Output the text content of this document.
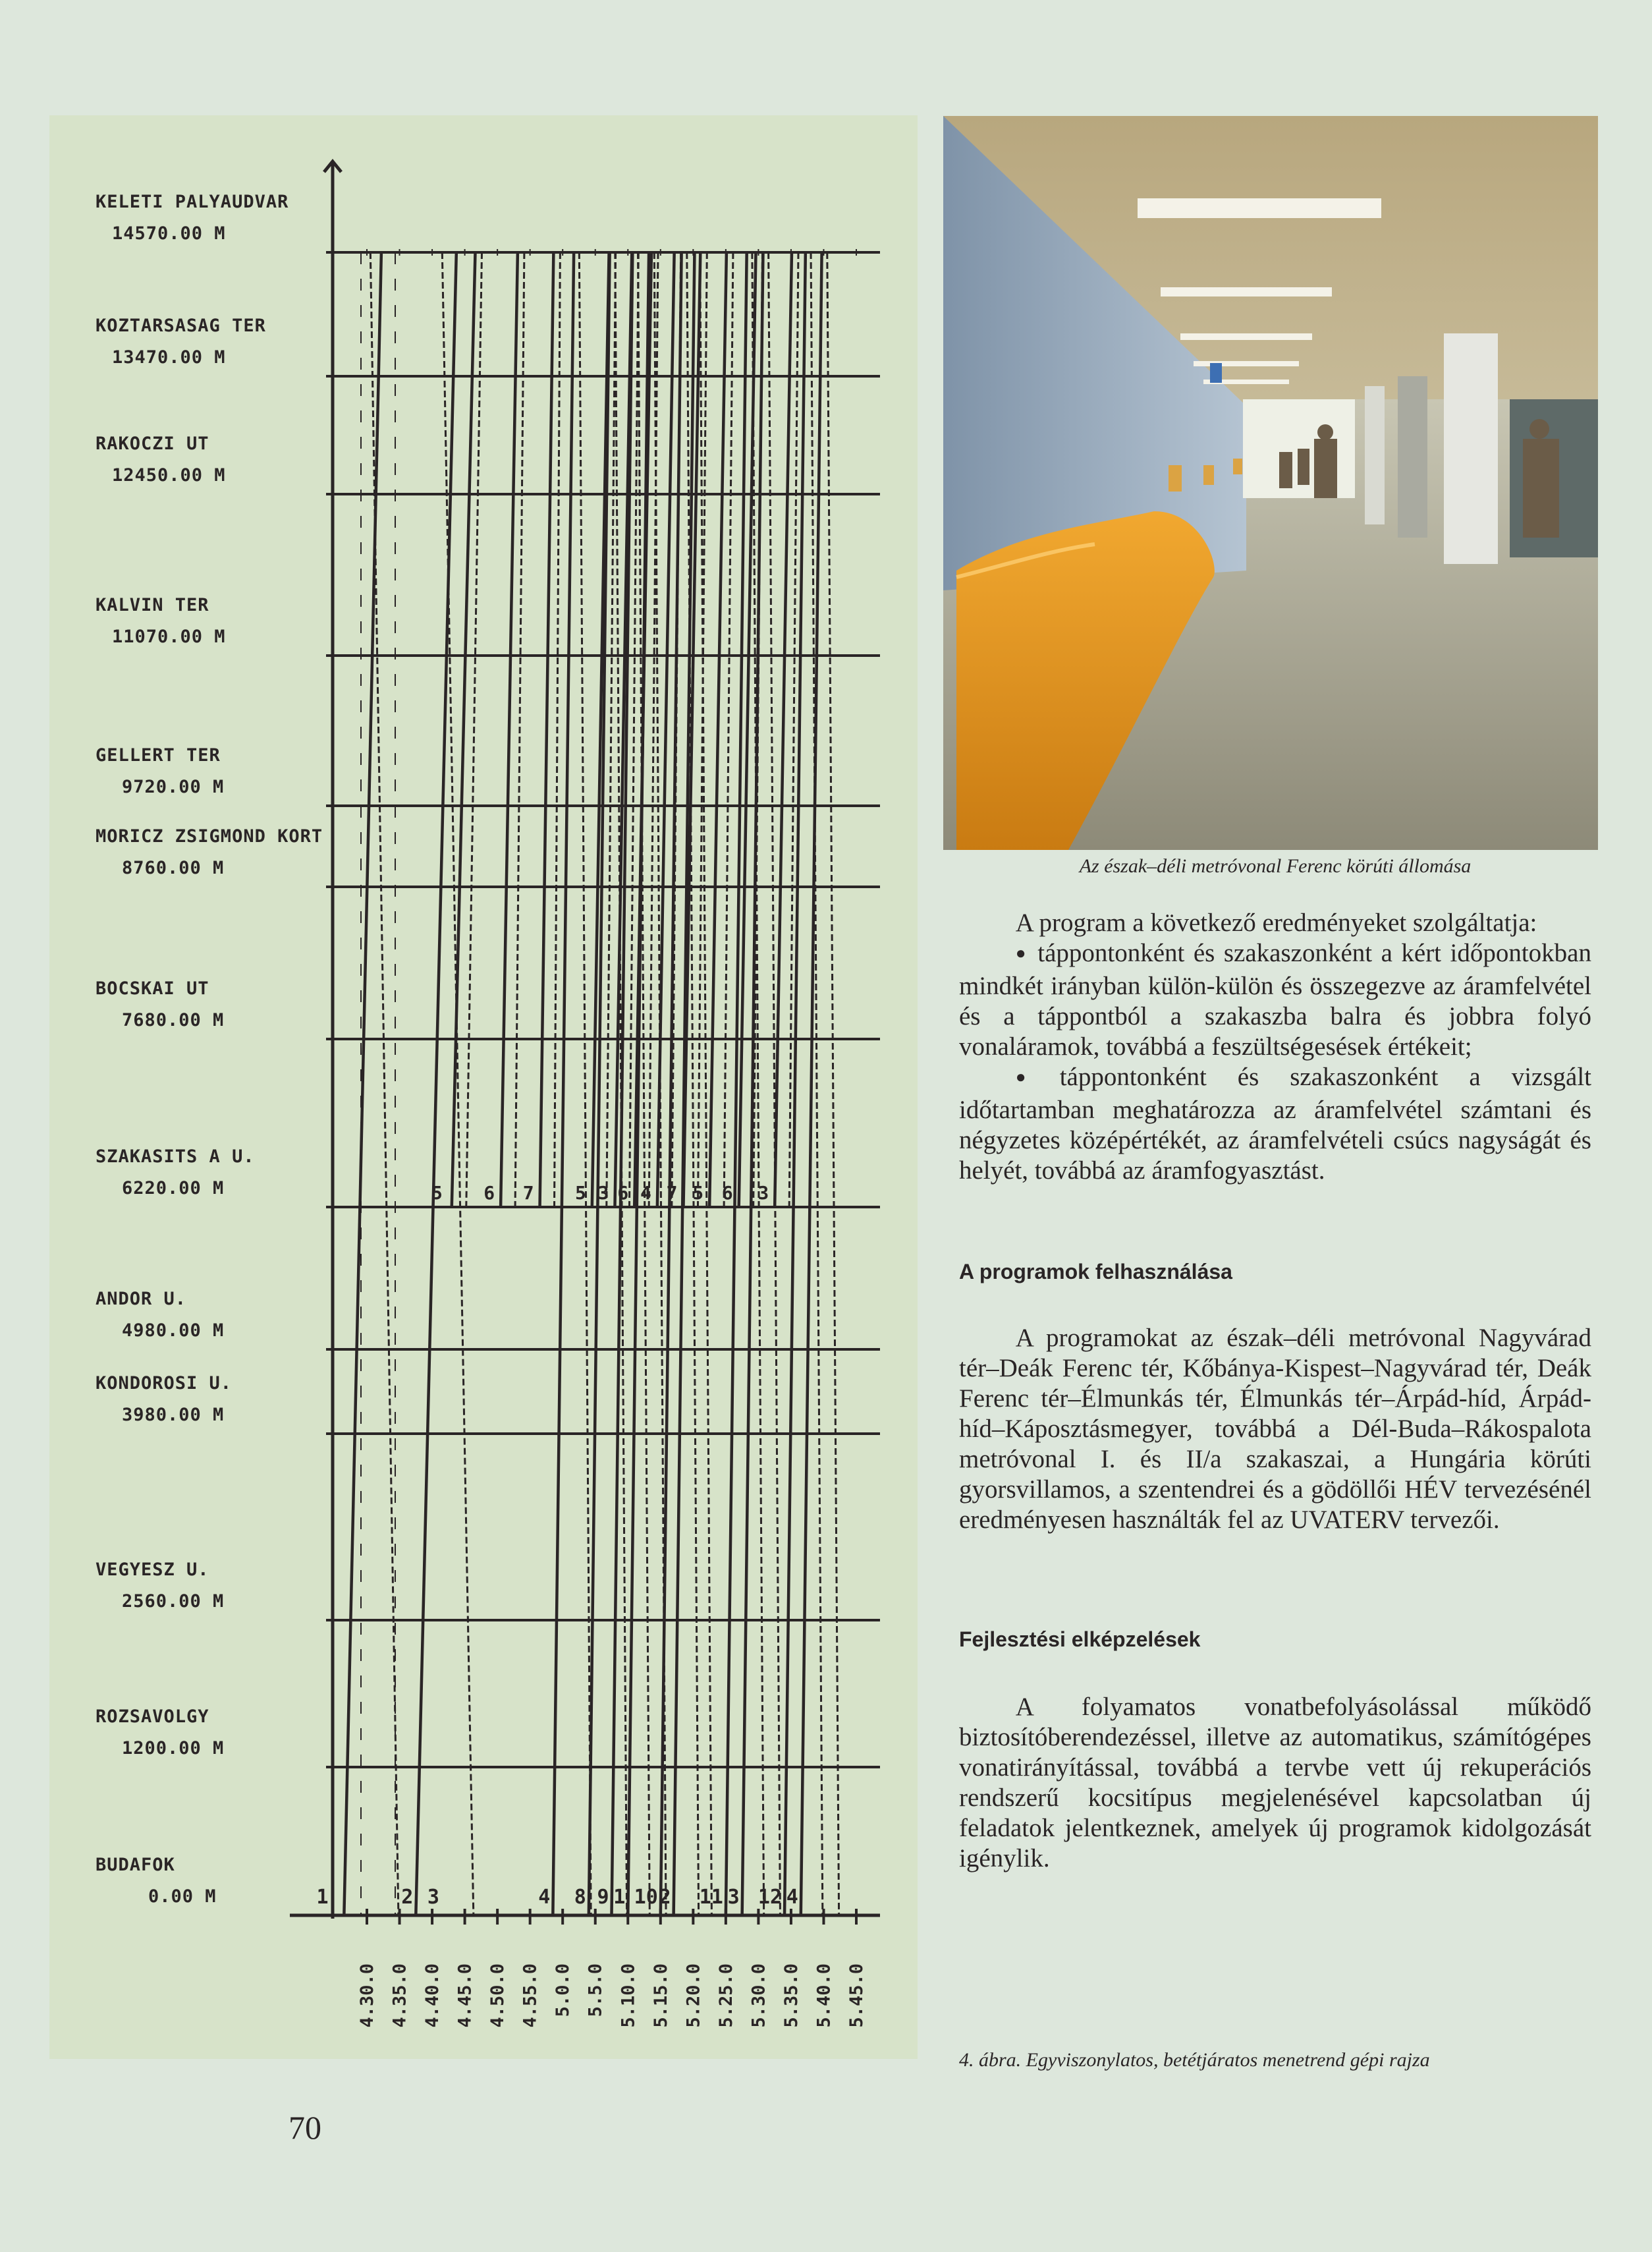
KELETI PALYAUDVAR
14570.00 M
KOZTARSASAG TER
13470.00 M
RAKOCZI UT
12450.00 M
KALVIN TER
11070.00 M
GELLERT TER
9720.00 M
MORICZ ZSIGMOND KORT
8760.00 M
BOCSKAI UT
7680.00 M
SZAKASITS A U.
6220.00 M
ANDOR U.
4980.00 M
KONDOROSI U.
3980.00 M
VEGYESZ U.
2560.00 M
ROZSAVOLGY
1200.00 M
BUDAFOK
0.00 M
4.30.0 4.35.0 4.40.0 4.45.0 4.50.0 4.55.0 5.0.0 5.5.0 5.10.0 5.15.0 5.20.0 5.25.0 5.30.0 5.35.0 5.40.0 5.45.0
1	2 3	4 8 9 1 10 2 11 3 12 4
5 6 7 5 3 6 4 7 5 6 3
Az észak–déli metróvonal Ferenc körúti állomása

A program a következő eredményeket szolgáltatja:

● táppontonként és szakaszonként a kért időpontokban mindkét irányban külön-külön és összegezve az áramfelvétel és a táppontból a szakaszba balra és jobbra folyó vonaláramok, továbbá a feszültségesések értékeit;

● táppontonként és szakaszonként a vizsgált időtartamban meghatározza az áramfelvétel számtani és négyzetes középértékét, az áramfelvételi csúcs nagyságát és helyét, továbbá az áramfogyasztást.

A programok felhasználása

A programokat az észak–déli metróvonal Nagyvárad tér–Deák Ferenc tér, Kőbánya-Kispest–Nagyvárad tér, Deák Ferenc tér–Élmunkás tér, Élmunkás tér–Árpád-híd, Árpád-híd–Káposztásmegyer, továbbá a Dél-Buda–Rákospalota metróvonal I. és II/a szakaszai, a Hungária körúti gyorsvillamos, a szentendrei és a gödöllői HÉV tervezésénél eredményesen használták fel az UVATERV tervezői.

Fejlesztési elképzelések

A folyamatos vonatbefolyásolással működő biztosítóberendezéssel, illetve az automatikus, számítógépes vonatirányítással, továbbá a tervbe vett új rekuperációs rendszerű kocsitípus megjelenésével kapcsolatban új feladatok jelentkeznek, amelyek új programok kidolgozását igénylik.

4. ábra. Egyviszonylatos, betétjáratos menetrend gépi rajza
70
